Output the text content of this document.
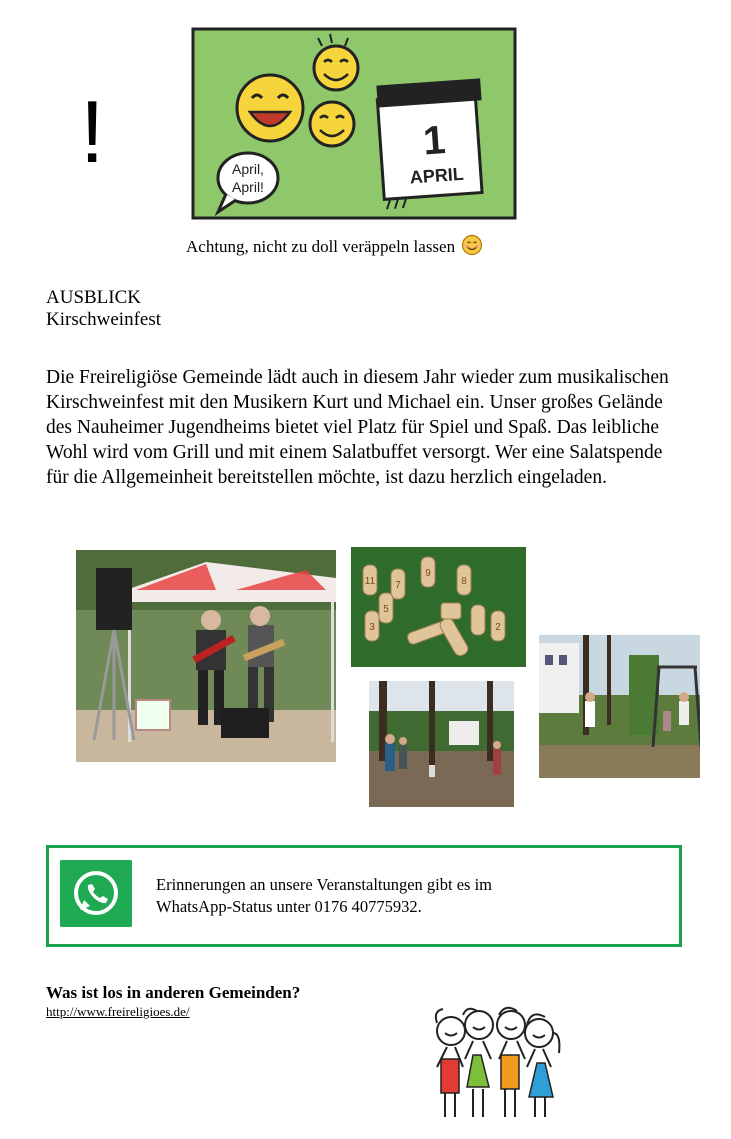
!	April,
April!
1
APRIL
Achtung, nicht zu doll veräppeln lassen
AUSBLICK
Kirschweinfest
Die Freireligiöse Gemeinde lädt auch in diesem Jahr wieder zum musikalischen Kirschweinfest mit den Musikern Kurt und Michael ein. Unser großes Gelände des Nauheimer Jugendheims bietet viel Platz für Spiel und Spaß. Das leibliche Wohl wird vom Grill und mit einem Salatbuffet versorgt. Wer eine Salatspende für die Allgemeinheit bereitstellen möchte, ist dazu herzlich eingeladen.
11 7
9
8
5
3	2
Erinnerungen an unsere Veranstaltungen gibt es im
WhatsApp-Status unter 0176 40775932.
Was ist los in anderen Gemeinden?
http://www.freireligioes.de/
